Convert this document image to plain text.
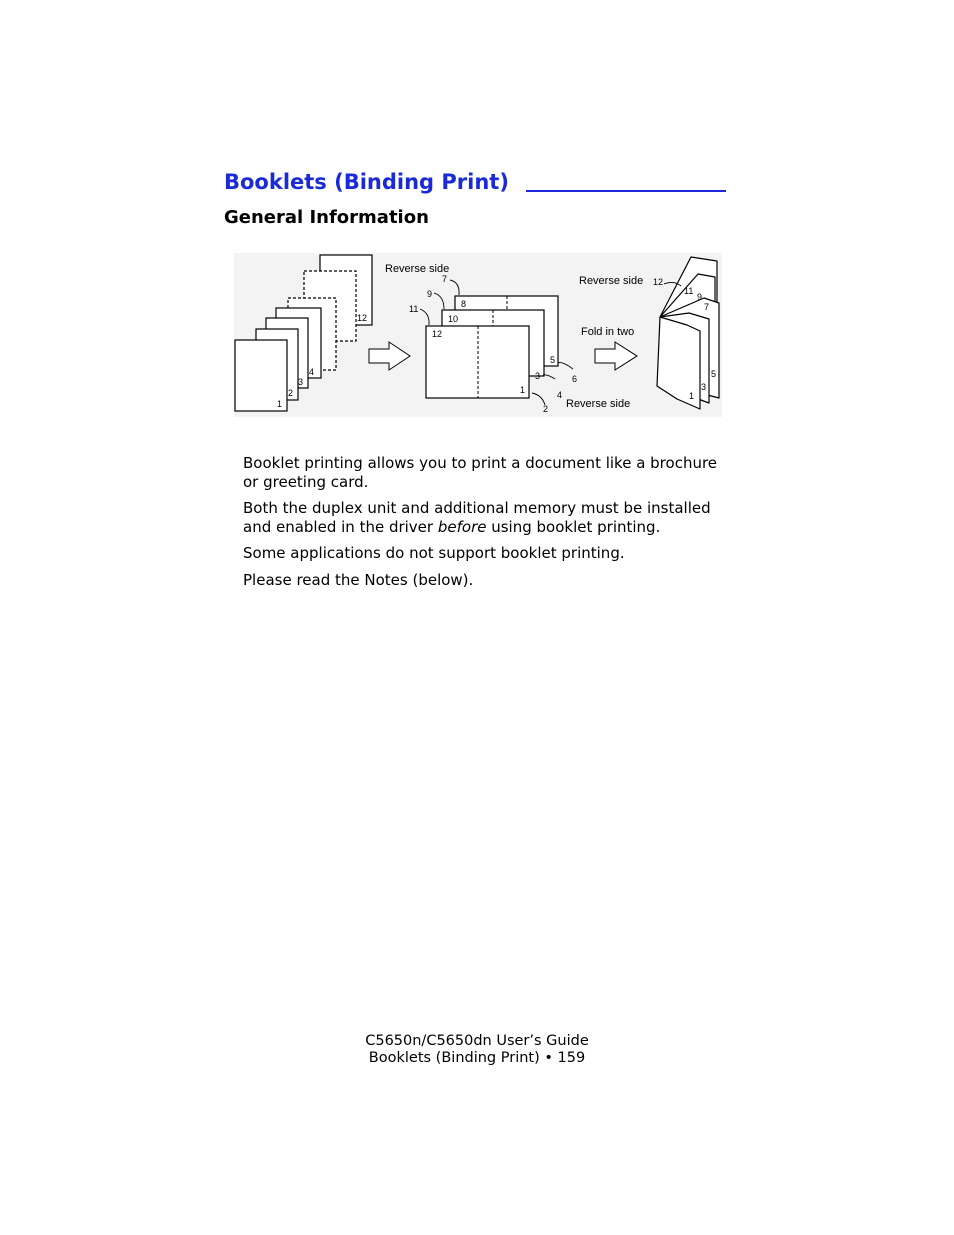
Booklets (Binding Print)
General Information
12
4
3
2
1
Reverse side
7
9
11	8
10
12
5
3
1
6
4
2 Reverse side
Fold in two
Reverse side 12
11
9
7
5
3
1

Booklet printing allows you to print a document like a brochure or greeting card.

Both the duplex unit and additional memory must be installed and enabled in the driver before using booklet printing.

Some applications do not support booklet printing.

Please read the Notes (below).

C5650n/C5650dn User’s Guide
Booklets (Binding Print) • 159
